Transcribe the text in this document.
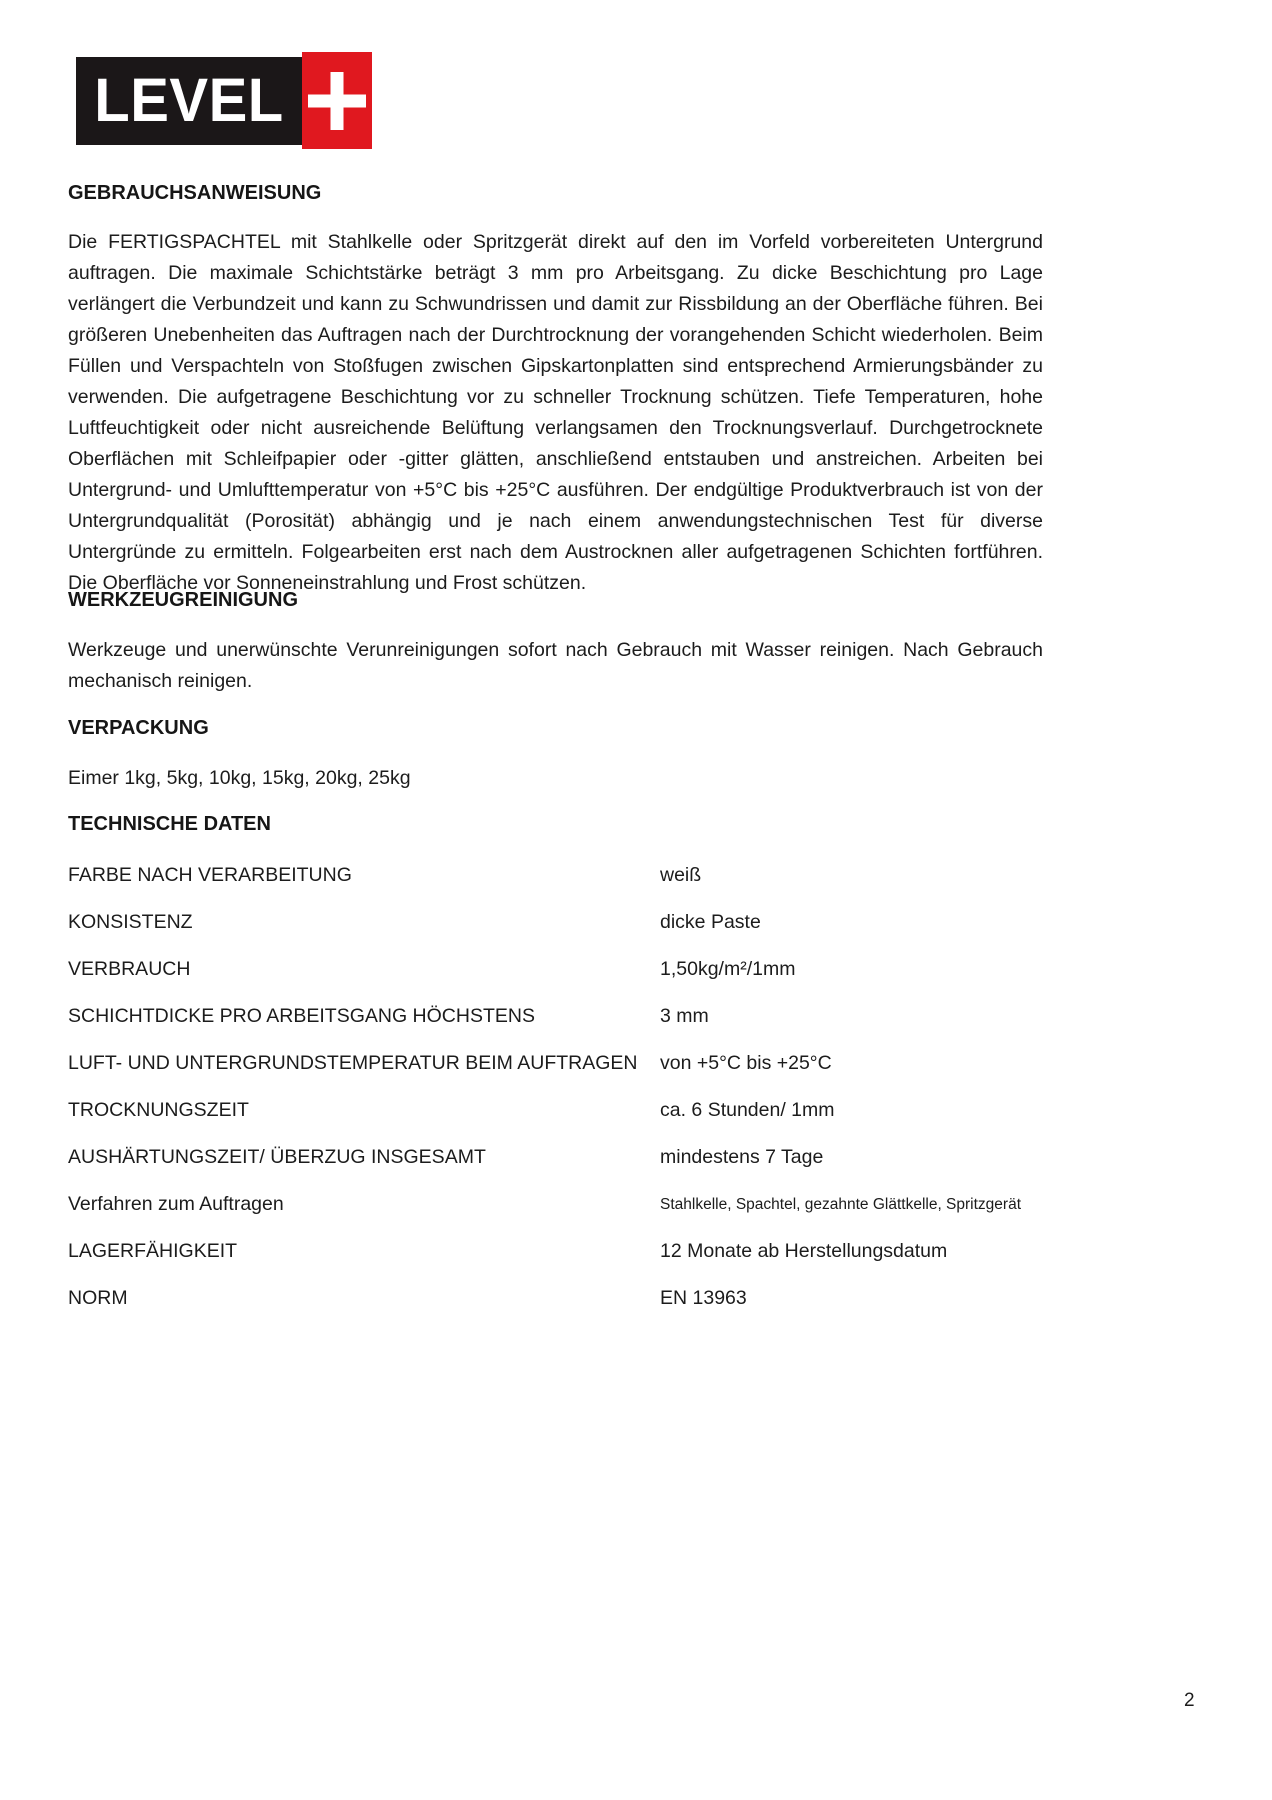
LEVEL
GEBRAUCHSANWEISUNG

Die FERTIGSPACHTEL mit Stahlkelle oder Spritzgerät direkt auf den im Vorfeld vorbereiteten Untergrund auftragen. Die maximale Schichtstärke beträgt 3 mm pro Arbeitsgang. Zu dicke Beschichtung pro Lage verlängert die Verbundzeit und kann zu Schwundrissen und damit zur Rissbildung an der Oberfläche führen. Bei größeren Unebenheiten das Auftragen nach der Durchtrocknung der vorangehenden Schicht wiederholen. Beim Füllen und Verspachteln von Stoßfugen zwischen Gipskartonplatten sind entsprechend Armierungsbänder zu verwenden. Die aufgetragene Beschichtung vor zu schneller Trocknung schützen. Tiefe Temperaturen, hohe Luftfeuchtigkeit oder nicht ausreichende Belüftung verlangsamen den Trocknungsverlauf. Durchgetrocknete Oberflächen mit Schleifpapier oder -gitter glätten, anschließend entstauben und anstreichen. Arbeiten bei Untergrund- und Umlufttemperatur von +5°C bis +25°C ausführen. Der endgültige Produktverbrauch ist von der Untergrundqualität (Porosität) abhängig und je nach einem anwendungstechnischen Test für diverse Untergründe zu ermitteln. Folgearbeiten erst nach dem Austrocknen aller aufgetragenen Schichten fortführen. Die Oberfläche vor Sonneneinstrahlung und Frost schützen.

WERKZEUGREINIGUNG

Werkzeuge und unerwünschte Verunreinigungen sofort nach Gebrauch mit Wasser reinigen. Nach Gebrauch mechanisch reinigen.

VERPACKUNG

Eimer 1kg, 5kg, 10kg, 15kg, 20kg, 25kg

TECHNISCHE DATEN
FARBE NACH VERARBEITUNG	weiß
KONSISTENZ	dicke Paste
VERBRAUCH	1,50kg/m²/1mm
SCHICHTDICKE PRO ARBEITSGANG HÖCHSTENS	3 mm
LUFT- UND UNTERGRUNDSTEMPERATUR BEIM AUFTRAGEN	von +5°C bis +25°C
TROCKNUNGSZEIT	ca. 6 Stunden/ 1mm
AUSHÄRTUNGSZEIT/ ÜBERZUG INSGESAMT	mindestens 7 Tage
Verfahren zum Auftragen	Stahlkelle, Spachtel, gezahnte Glättkelle, Spritzgerät
LAGERFÄHIGKEIT	12 Monate ab Herstellungsdatum
NORM	EN 13963
2
